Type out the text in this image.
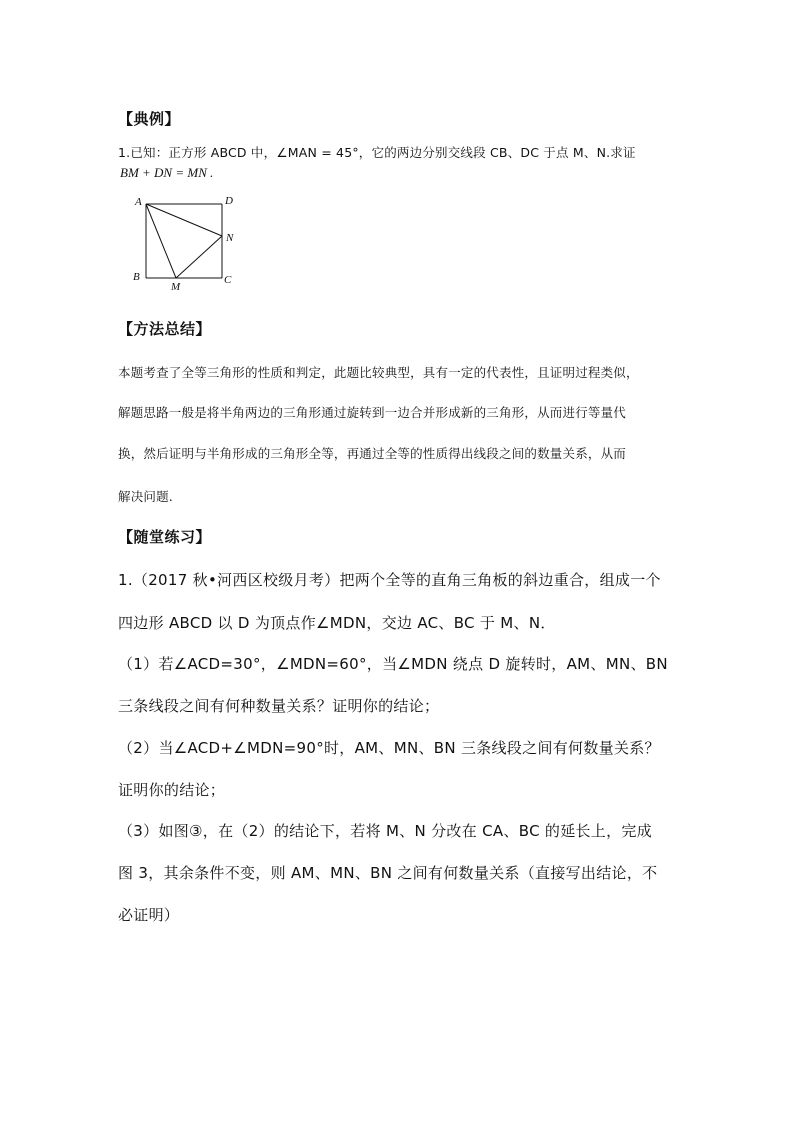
【典例】
1.已知：正方形 ABCD 中，∠MAN = 45°，它的两边分别交线段 CB、DC 于点 M、N.求证
BM + DN = MN .
A	D
N
B	C
M
【方法总结】
本题考查了全等三角形的性质和判定，此题比较典型，具有一定的代表性，且证明过程类似，
解题思路一般是将半角两边的三角形通过旋转到一边合并形成新的三角形，从而进行等量代
换，然后证明与半角形成的三角形全等，再通过全等的性质得出线段之间的数量关系，从而
解决问题.
【随堂练习】
1.（2017 秋•河西区校级月考）把两个全等的直角三角板的斜边重合，组成一个
四边形 ABCD 以 D 为顶点作∠MDN，交边 AC、BC 于 M、N．
（1）若∠ACD=30°，∠MDN=60°，当∠MDN 绕点 D 旋转时，AM、MN、BN
三条线段之间有何种数量关系？证明你的结论；
（2）当∠ACD+∠MDN=90°时，AM、MN、BN 三条线段之间有何数量关系？
证明你的结论；
（3）如图③，在（2）的结论下，若将 M、N 分改在 CA、BC 的延长上，完成
图 3，其余条件不变，则 AM、MN、BN 之间有何数量关系（直接写出结论，不
必证明）
